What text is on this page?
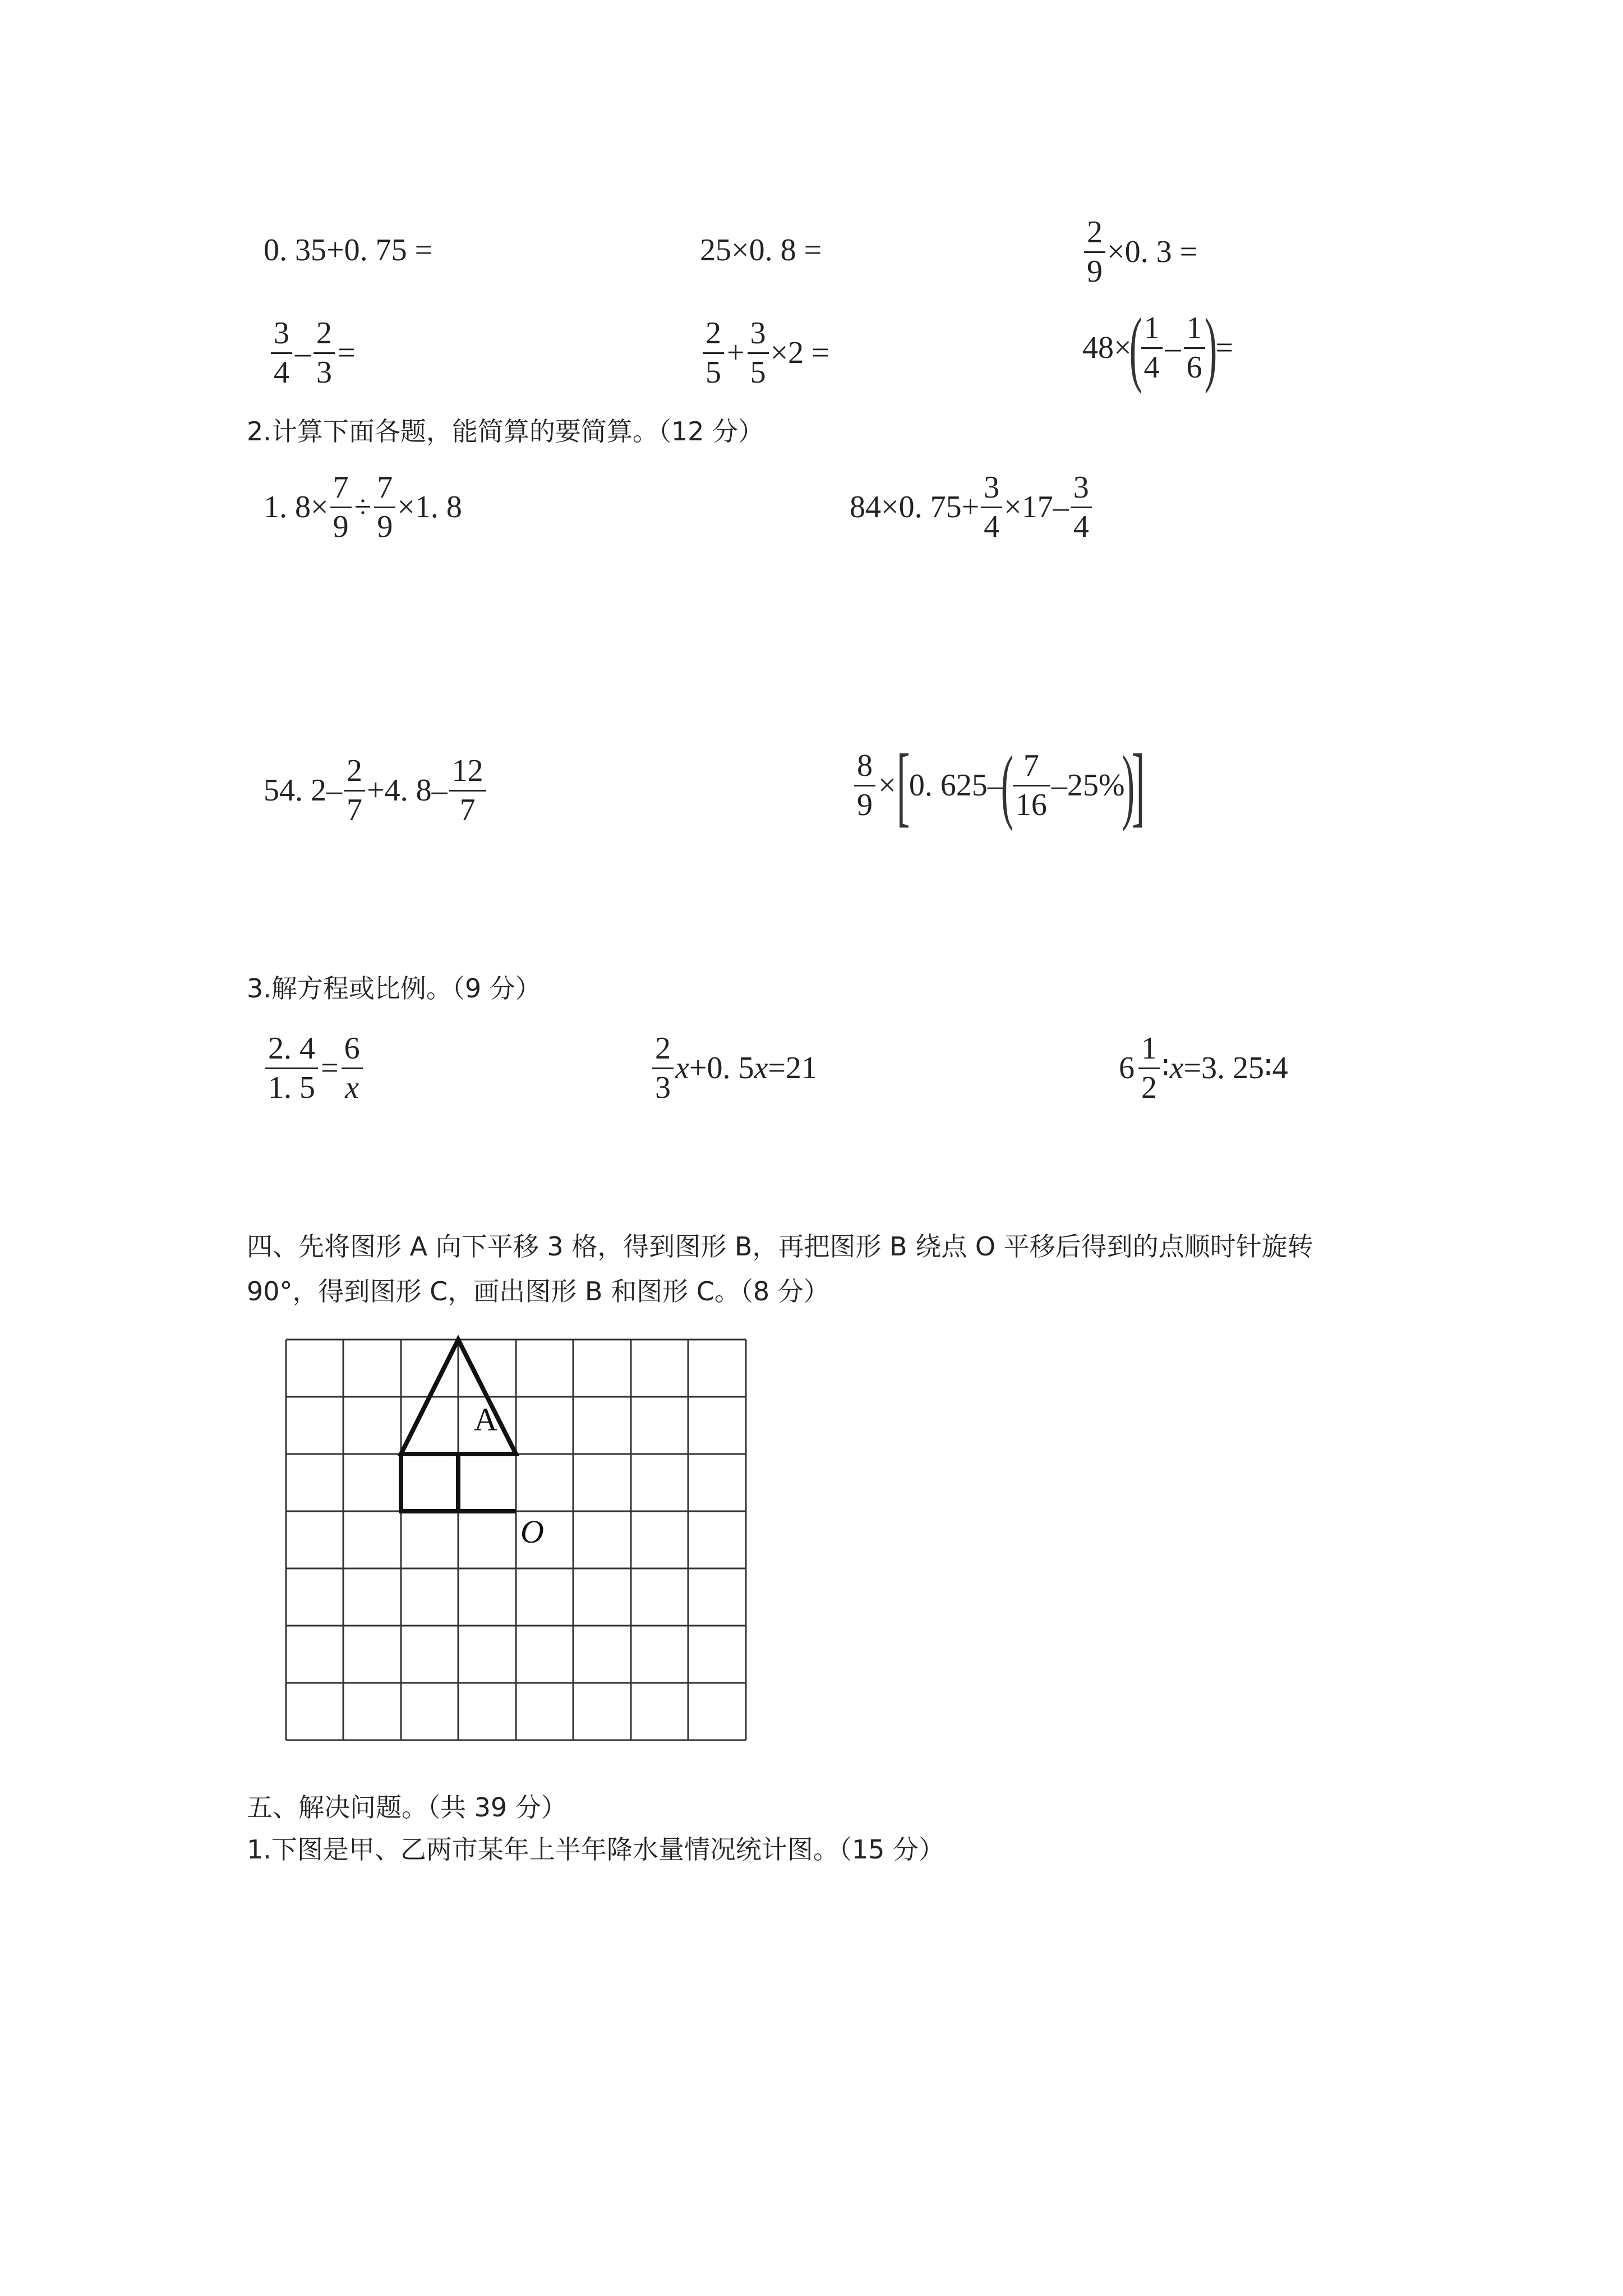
0. 35+0. 75 =	25×0. 8 =	$\frac{2}{9} \times 0$. 3 =
$\frac{3}{4} - \frac{2}{3}$ =	$\frac{2}{5} + \frac{3}{5} \times 2$ =	48×
(
$\frac{1}{4} - \frac{1}{6}$
)
=
2.计算下面各题，能简算的要简算。（12 分）
1. $8\times \frac{7}{9} \div \frac{7}{9} \times 1$. 8	84×0. $75+ \frac{3}{4} \times 17- \frac{3}{4}$
54. $2- \frac{2}{7} +4$. $8- \frac{12}{7}$	$\frac{8}{9}$ × [
0. 625–
(
$\frac{7}{16} -25\%$
)
]
3.解方程或比例。（9 分）
$\frac{2. 4}{1. 5} = \frac{6}{x}$	$\frac{2}{3}$ x +0. 5 x =21	$6 \frac{1}{2}$ ∶ x =3. 25∶4
四、先将图形 A 向下平移 3 格，得到图形 B，再把图形 B 绕点 O 平移后得到的点顺时针旋转
90°，得到图形 C，画出图形 B 和图形 C。（8 分）
A
O
五、解决问题。（共 39 分）
1.下图是甲、乙两市某年上半年降水量情况统计图。（15 分）
